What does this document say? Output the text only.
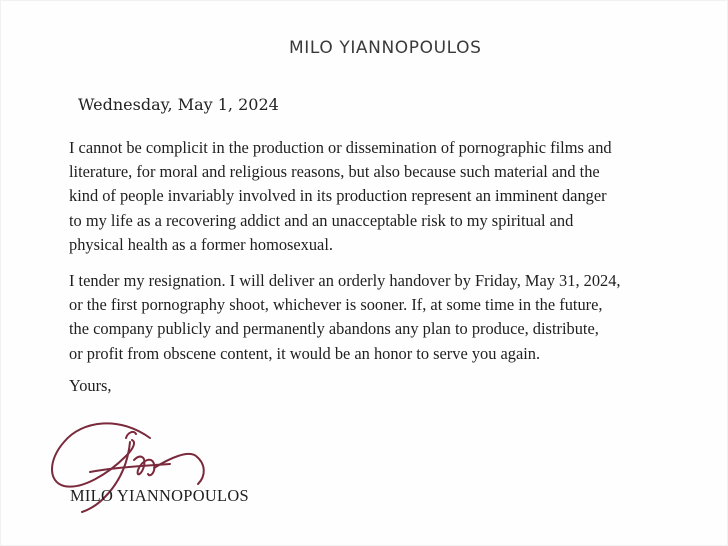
MILO YIANNOPOULOS
Wednesday, May 1, 2024
I cannot be complicit in the production or dissemination of pornographic films and
literature, for moral and religious reasons, but also because such material and the
kind of people invariably involved in its production represent an imminent danger
to my life as a recovering addict and an unacceptable risk to my spiritual and
physical health as a former homosexual.
I tender my resignation. I will deliver an orderly handover by Friday, May 31, 2024,
or the first pornography shoot, whichever is sooner. If, at some time in the future,
the company publicly and permanently abandons any plan to produce, distribute,
or profit from obscene content, it would be an honor to serve you again.
Yours,
MILO YIANNOPOULOS
